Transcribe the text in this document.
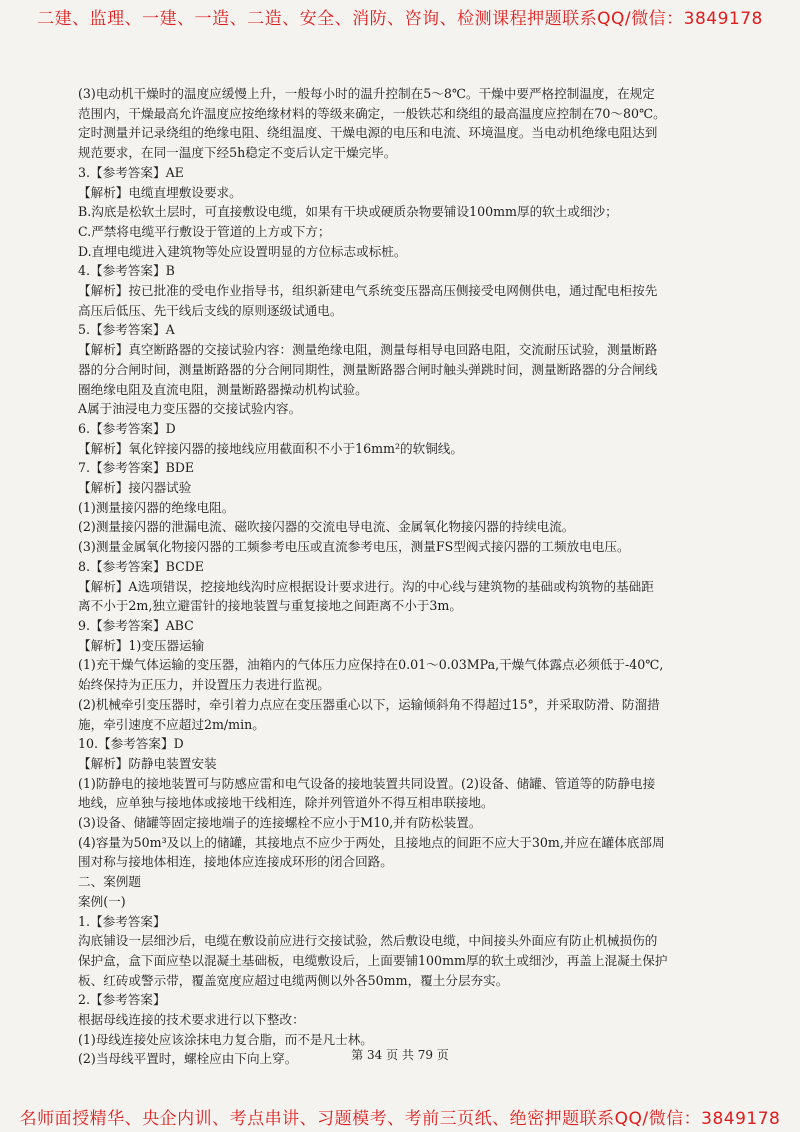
二建、监理、一建、一造、二造、安全、消防、咨询、检测课程押题联系QQ/微信：3849178

(3)电动机干燥时的温度应缓慢上升，一般每小时的温升控制在5～8℃。干燥中要严格控制温度，在规定

范围内，干燥最高允许温度应按绝缘材料的等级来确定，一般铁芯和绕组的最高温度应控制在70～80℃。

定时测量并记录绕组的绝缘电阻、绕组温度、干燥电源的电压和电流、环境温度。当电动机绝缘电阻达到

规范要求，在同一温度下经5h稳定不变后认定干燥完毕。

3.【参考答案】AE

【解析】电缆直埋敷设要求。

B.沟底是松软土层时，可直接敷设电缆，如果有干块或硬质杂物要铺设100mm厚的软土或细沙；

C.严禁将电缆平行敷设于管道的上方或下方；

D.直埋电缆进入建筑物等处应设置明显的方位标志或标桩。

4.【参考答案】B

【解析】按已批准的受电作业指导书，组织新建电气系统变压器高压侧接受电网侧供电，通过配电柜按先

高压后低压、先干线后支线的原则逐级试通电。

5.【参考答案】A

【解析】真空断路器的交接试验内容：测量绝缘电阻，测量每相导电回路电阻，交流耐压试验，测量断路

器的分合闸时间，测量断路器的分合闸同期性，测量断路器合闸时触头弹跳时间，测量断路器的分合闸线

圈绝缘电阻及直流电阻，测量断路器操动机构试验。

A属于油浸电力变压器的交接试验内容。

6.【参考答案】D

【解析】氧化锌接闪器的接地线应用截面积不小于16mm²的软铜线。

7.【参考答案】BDE

【解析】接闪器试验

(1)测量接闪器的绝缘电阻。

(2)测量接闪器的泄漏电流、磁吹接闪器的交流电导电流、金属氧化物接闪器的持续电流。

(3)测量金属氧化物接闪器的工频参考电压或直流参考电压，测量FS型阀式接闪器的工频放电电压。

8.【参考答案】BCDE

【解析】A选项错误，挖接地线沟时应根据设计要求进行。沟的中心线与建筑物的基础或构筑物的基础距

离不小于2m,独立避雷针的接地装置与重复接地之间距离不小于3m。

9.【参考答案】ABC

【解析】1)变压器运输

(1)充干燥气体运输的变压器，油箱内的气体压力应保持在0.01～0.03MPa,干燥气体露点必须低于-40℃,

始终保持为正压力，并设置压力表进行监视。

(2)机械牵引变压器时，牵引着力点应在变压器重心以下，运输倾斜角不得超过15°，并采取防滑、防溜措

施，牵引速度不应超过2m/min。

10.【参考答案】D

【解析】防静电装置安装

(1)防静电的接地装置可与防感应雷和电气设备的接地装置共同设置。(2)设备、储罐、管道等的防静电接

地线，应单独与接地体或接地干线相连，除并列管道外不得互相串联接地。

(3)设备、储罐等固定接地端子的连接螺栓不应小于M10,并有防松装置。

(4)容量为50m³及以上的储罐，其接地点不应少于两处，且接地点的间距不应大于30m,并应在罐体底部周

围对称与接地体相连，接地体应连接成环形的闭合回路。

二、案例题

案例(一)

1.【参考答案】

沟底铺设一层细沙后，电缆在敷设前应进行交接试验，然后敷设电缆，中间接头外面应有防止机械损伤的

保护盒，盒下面应垫以混凝土基础板，电缆敷设后，上面要铺100mm厚的软土或细沙，再盖上混凝土保护

板、红砖或警示带，覆盖宽度应超过电缆两侧以外各50mm，覆土分层夯实。

2.【参考答案】

根据母线连接的技术要求进行以下整改：

(1)母线连接处应该涂抹电力复合脂，而不是凡士林。

(2)当母线平置时，螺栓应由下向上穿。	第 34 页 共 79 页
名师面授精华、央企内训、考点串讲、习题模考、考前三页纸、绝密押题联系QQ/微信：3849178
